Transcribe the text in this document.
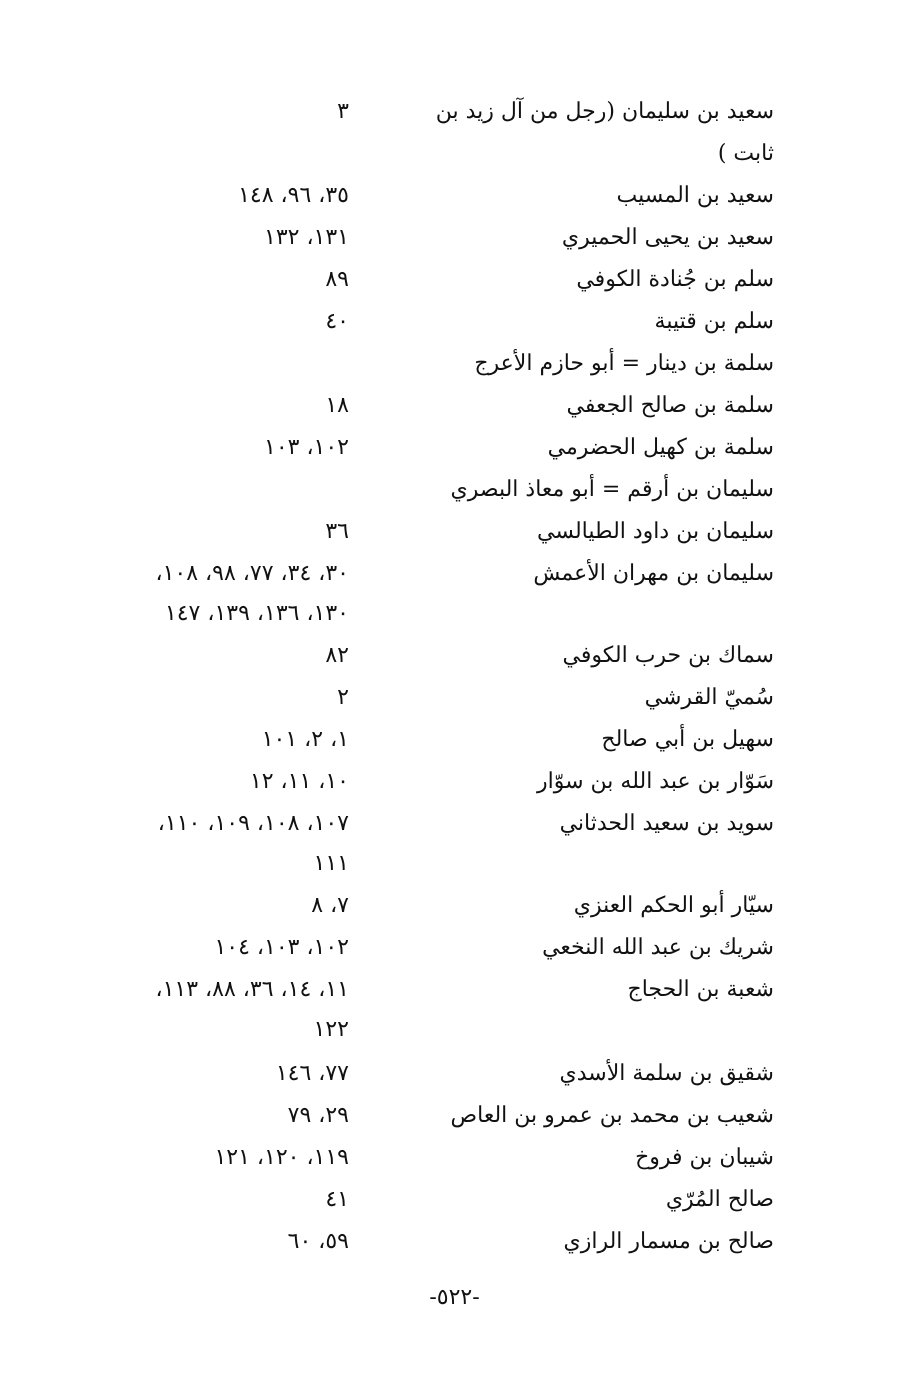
سعيد بن سليمان (رجل من آل زيد بن
٣
ثابت )
سعيد بن المسيب
٣٥، ٩٦، ١٤٨
سعيد بن يحيى الحميري
١٣١، ١٣٢
سلم بن جُنادة الكوفي
٨٩
سلم بن قتيبة
٤٠
سلمة بن دينار = أبو حازم الأعرج
سلمة بن صالح الجعفي
١٨
سلمة بن كهيل الحضرمي
١٠٢، ١٠٣
سليمان بن أرقم = أبو معاذ البصري
سليمان بن داود الطيالسي
٣٦
سليمان بن مهران الأعمش
٣٠، ٣٤، ٧٧، ٩٨، ١٠٨،
١٣٠، ١٣٦، ١٣٩، ١٤٧
سماك بن حرب الكوفي
٨٢
سُميّ القرشي
٢
سهيل بن أبي صالح
١، ٢، ١٠١
سَوّار بن عبد الله بن سوّار
١٠، ١١، ١٢
سويد بن سعيد الحدثاني
١٠٧، ١٠٨، ١٠٩، ١١٠،
١١١
سيّار أبو الحكم العنزي
٧، ٨
شريك بن عبد الله النخعي
١٠٢، ١٠٣، ١٠٤
شعبة بن الحجاج
١١، ١٤، ٣٦، ٨٨، ١١٣،
١٢٢
شقيق بن سلمة الأسدي
٧٧، ١٤٦
شعيب بن محمد بن عمرو بن العاص
٢٩، ٧٩
شيبان بن فروخ
١١٩، ١٢٠، ١٢١
صالح المُرّي
٤١
صالح بن مسمار الرازي
٥٩، ٦٠
-٥٢٢-
